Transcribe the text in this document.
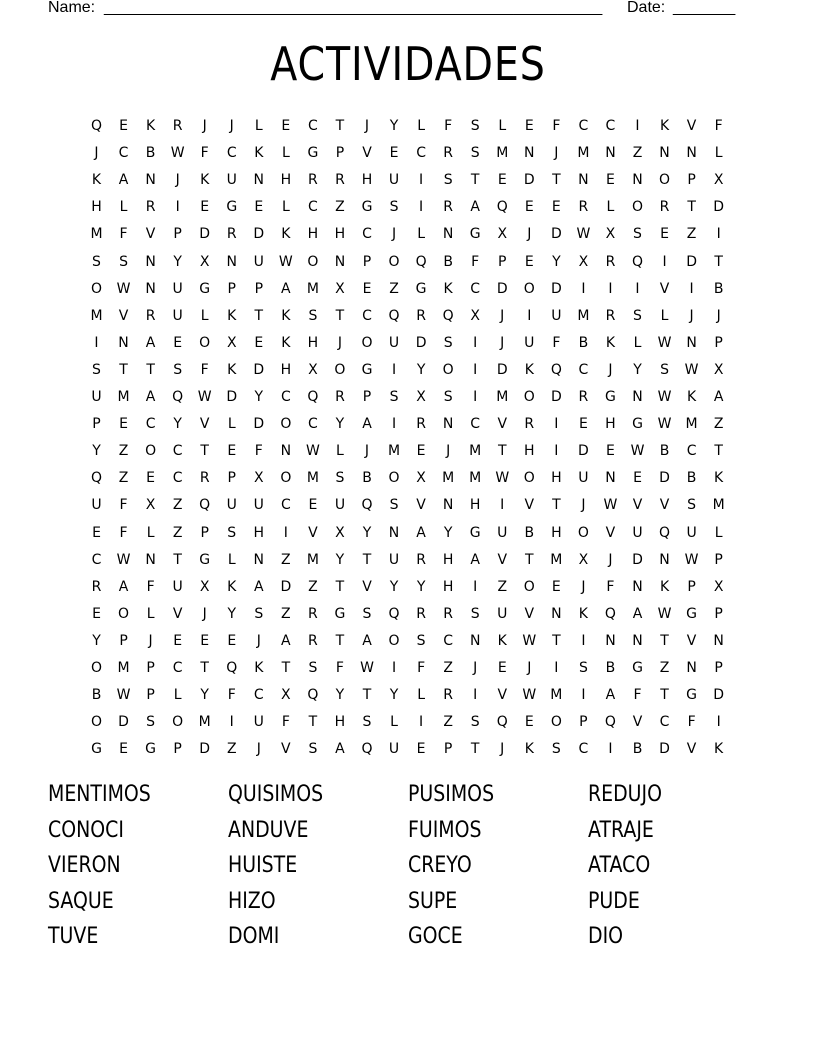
Name: ________________________________________________________ Date: _______
ACTIVIDADES
Q	E	K	R	J	J	L	E	C	T	J	Y	L	F	S	L	E	F	C	C	I	K	V	F
J	C	B	W	F	C	K	L	G	P	V	E	C	R	S	M	N	J	M	N	Z	N	N	L
K	A	N	J	K	U	N	H	R	R	H	U	I	S	T	E	D	T	N	E	N	O	P	X
H	L	R	I	E	G	E	L	C	Z	G	S	I	R	A	Q	E	E	R	L	O	R	T	D
M	F	V	P	D	R	D	K	H	H	C	J	L	N	G	X	J	D	W	X	S	E	Z	I
S	S	N	Y	X	N	U	W	O	N	P	O	Q	B	F	P	E	Y	X	R	Q	I	D	T
O	W	N	U	G	P	P	A	M	X	E	Z	G	K	C	D	O	D	I	I	I	V	I	B
M	V	R	U	L	K	T	K	S	T	C	Q	R	Q	X	J	I	U	M	R	S	L	J	J
I	N	A	E	O	X	E	K	H	J	O	U	D	S	I	J	U	F	B	K	L	W	N	P
S	T	T	S	F	K	D	H	X	O	G	I	Y	O	I	D	K	Q	C	J	Y	S	W	X
U	M	A	Q	W	D	Y	C	Q	R	P	S	X	S	I	M	O	D	R	G	N	W	K	A
P	E	C	Y	V	L	D	O	C	Y	A	I	R	N	C	V	R	I	E	H	G	W	M	Z
Y	Z	O	C	T	E	F	N	W	L	J	M	E	J	M	T	H	I	D	E	W	B	C	T
Q	Z	E	C	R	P	X	O	M	S	B	O	X	M	M	W	O	H	U	N	E	D	B	K
U	F	X	Z	Q	U	U	C	E	U	Q	S	V	N	H	I	V	T	J	W	V	V	S	M
E	F	L	Z	P	S	H	I	V	X	Y	N	A	Y	G	U	B	H	O	V	U	Q	U	L
C	W	N	T	G	L	N	Z	M	Y	T	U	R	H	A	V	T	M	X	J	D	N	W	P
R	A	F	U	X	K	A	D	Z	T	V	Y	Y	H	I	Z	O	E	J	F	N	K	P	X
E	O	L	V	J	Y	S	Z	R	G	S	Q	R	R	S	U	V	N	K	Q	A	W	G	P
Y	P	J	E	E	E	J	A	R	T	A	O	S	C	N	K	W	T	I	N	N	T	V	N
O	M	P	C	T	Q	K	T	S	F	W	I	F	Z	J	E	J	I	S	B	G	Z	N	P
B	W	P	L	Y	F	C	X	Q	Y	T	Y	L	R	I	V	W	M	I	A	F	T	G	D
O	D	S	O	M	I	U	F	T	H	S	L	I	Z	S	Q	E	O	P	Q	V	C	F	I
G	E	G	P	D	Z	J	V	S	A	Q	U	E	P	T	J	K	S	C	I	B	D	V	K
MENTIMOS	QUISIMOS	PUSIMOS	REDUJO
CONOCI	ANDUVE	FUIMOS	ATRAJE
VIERON	HUISTE	CREYO	ATACO
SAQUE	HIZO	SUPE	PUDE
TUVE	DOMI	GOCE	DIO
